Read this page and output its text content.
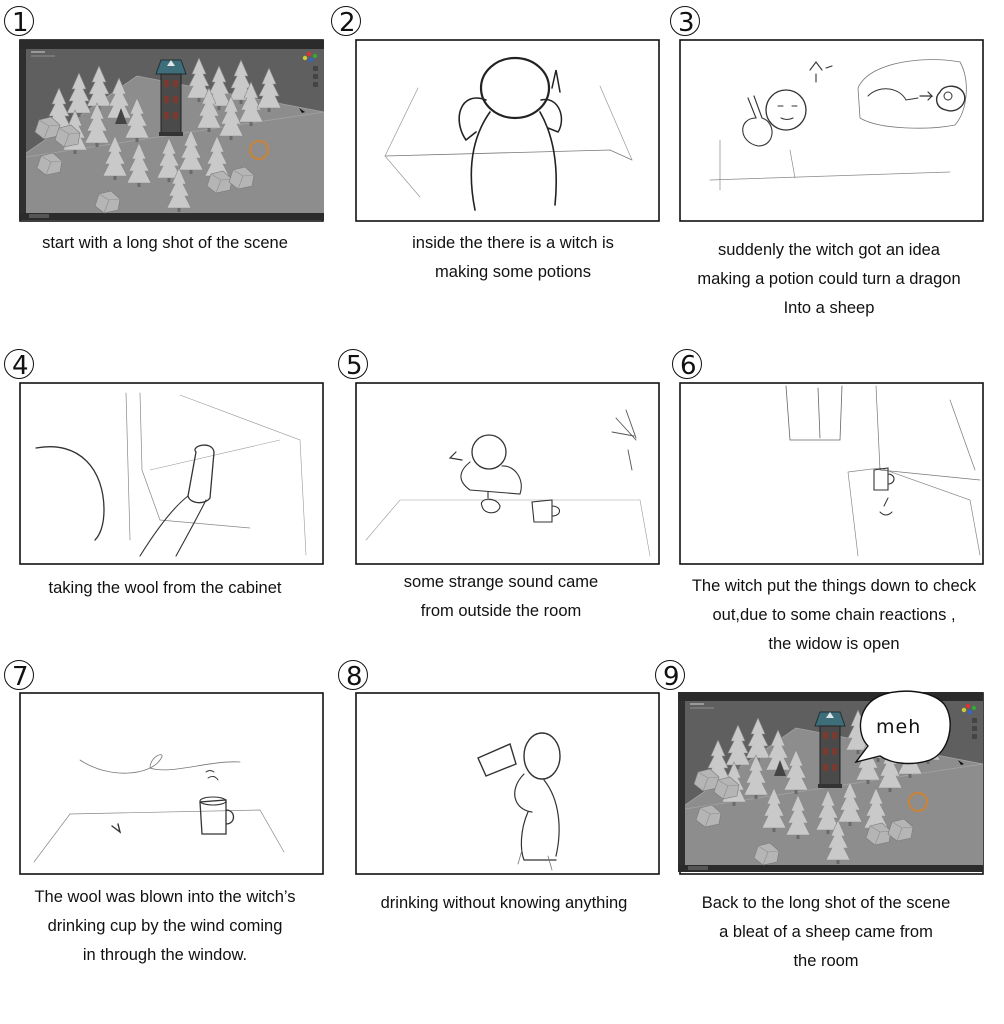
1	2	3
4	5	6
7	8	9
meh
start with a long shot of the scene	inside the there is a witch is
making some potions
suddenly the witch got an idea
making a potion could turn a dragon
Into a sheep
taking the wool from the cabinet	some strange sound came
from outside the room
The witch put the things down to check
out,due to some chain reactions ,
the widow is open
The wool was blown into the witch’s
drinking cup by the wind coming
in through the window.
drinking without knowing anything	Back to the long shot of the scene
a bleat of a sheep came from
the room
